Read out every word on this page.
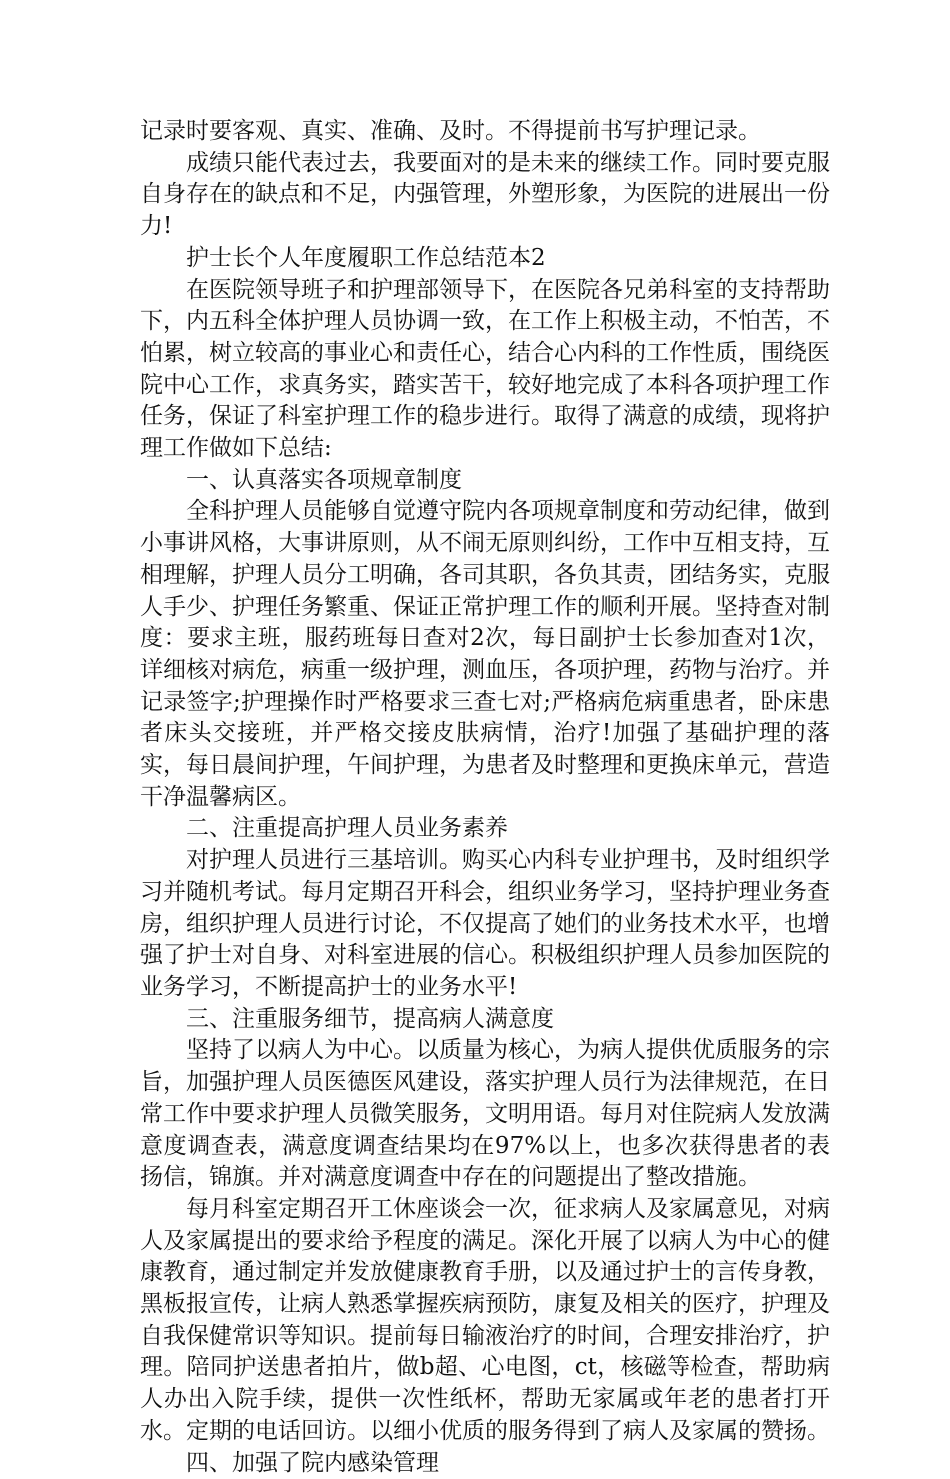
记录时要客观、真实、准确、及时。不得提前书写护理记录。

成绩只能代表过去，我要面对的是未来的继续工作。同时要克服自身存在的缺点和不足，内强管理，外塑形象，为医院的进展出一份力!

护士长个人年度履职工作总结范本2

在医院领导班子和护理部领导下，在医院各兄弟科室的支持帮助下，内五科全体护理人员协调一致，在工作上积极主动，不怕苦，不怕累，树立较高的事业心和责任心，结合心内科的工作性质，围绕医院中心工作，求真务实，踏实苦干，较好地完成了本科各项护理工作任务，保证了科室护理工作的稳步进行。取得了满意的成绩，现将护理工作做如下总结:

一、认真落实各项规章制度

全科护理人员能够自觉遵守院内各项规章制度和劳动纪律，做到小事讲风格，大事讲原则，从不闹无原则纠纷，工作中互相支持，互相理解，护理人员分工明确，各司其职，各负其责，团结务实，克服人手少、护理任务繁重、保证正常护理工作的顺利开展。坚持查对制度：要求主班，服药班每日查对2次，每日副护士长参加查对1次，详细核对病危，病重一级护理，测血压，各项护理，药物与治疗。并记录签字;护理操作时严格要求三查七对;严格病危病重患者，卧床患者床头交接班，并严格交接皮肤病情，治疗!加强了基础护理的落实，每日晨间护理，午间护理，为患者及时整理和更换床单元，营造干净温馨病区。

二、注重提高护理人员业务素养

对护理人员进行三基培训。购买心内科专业护理书，及时组织学习并随机考试。每月定期召开科会，组织业务学习，坚持护理业务查房，组织护理人员进行讨论，不仅提高了她们的业务技术水平，也增强了护士对自身、对科室进展的信心。积极组织护理人员参加医院的业务学习，不断提高护士的业务水平!

三、注重服务细节，提高病人满意度

坚持了以病人为中心。以质量为核心，为病人提供优质服务的宗旨，加强护理人员医德医风建设，落实护理人员行为法律规范，在日常工作中要求护理人员微笑服务，文明用语。每月对住院病人发放满意度调查表，满意度调查结果均在97%以上，也多次获得患者的表扬信，锦旗。并对满意度调查中存在的问题提出了整改措施。

每月科室定期召开工休座谈会一次，征求病人及家属意见，对病人及家属提出的要求给予程度的满足。深化开展了以病人为中心的健康教育，通过制定并发放健康教育手册，以及通过护士的言传身教，黑板报宣传，让病人熟悉掌握疾病预防，康复及相关的医疗，护理及自我保健常识等知识。提前每日输液治疗的时间，合理安排治疗，护理。陪同护送患者拍片，做b超、心电图，ct，核磁等检查，帮助病人办出入院手续，提供一次性纸杯，帮助无家属或年老的患者打开水。定期的电话回访。以细小优质的服务得到了病人及家属的赞扬。

四、加强了院内感染管理
